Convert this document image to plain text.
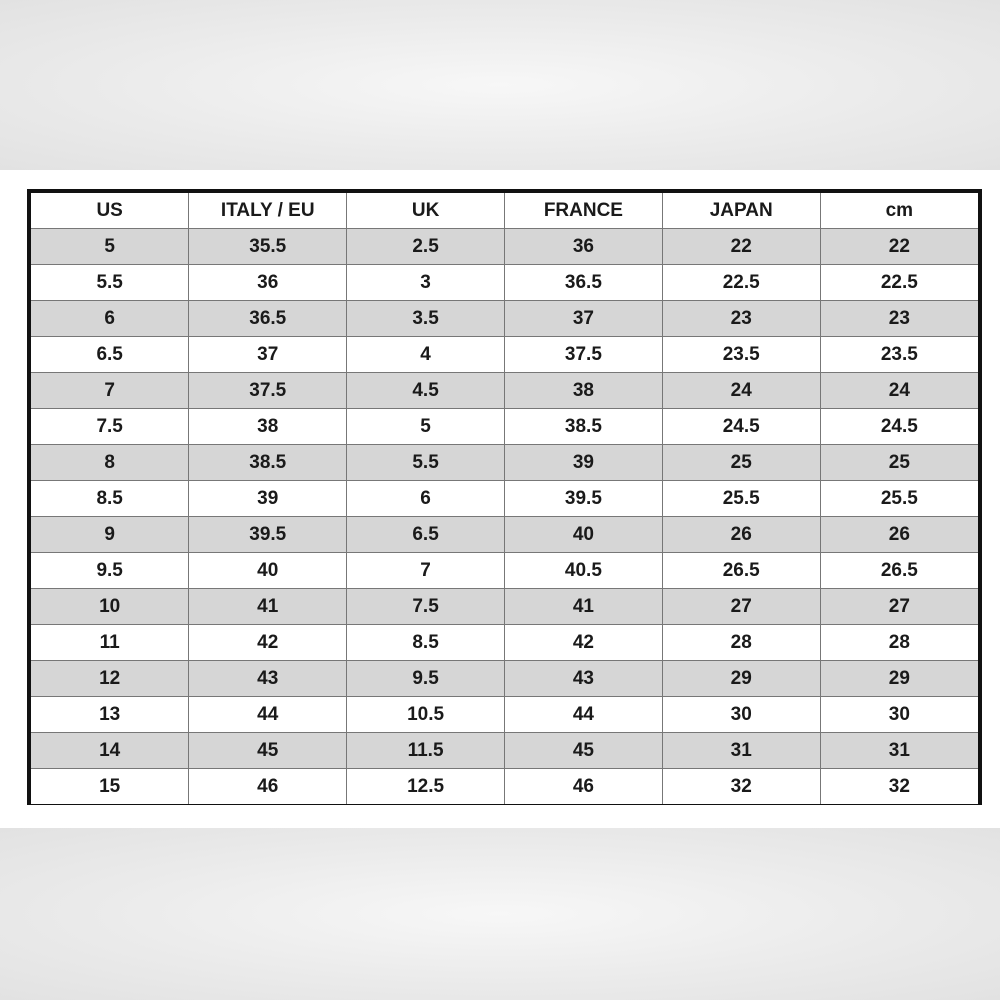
US	ITALY / EU	UK	FRANCE	JAPAN	cm
5	35.5	2.5	36	22	22
5.5	36	3	36.5	22.5	22.5
6	36.5	3.5	37	23	23
6.5	37	4	37.5	23.5	23.5
7	37.5	4.5	38	24	24
7.5	38	5	38.5	24.5	24.5
8	38.5	5.5	39	25	25
8.5	39	6	39.5	25.5	25.5
9	39.5	6.5	40	26	26
9.5	40	7	40.5	26.5	26.5
10	41	7.5	41	27	27
11	42	8.5	42	28	28
12	43	9.5	43	29	29
13	44	10.5	44	30	30
14	45	11.5	45	31	31
15	46	12.5	46	32	32
